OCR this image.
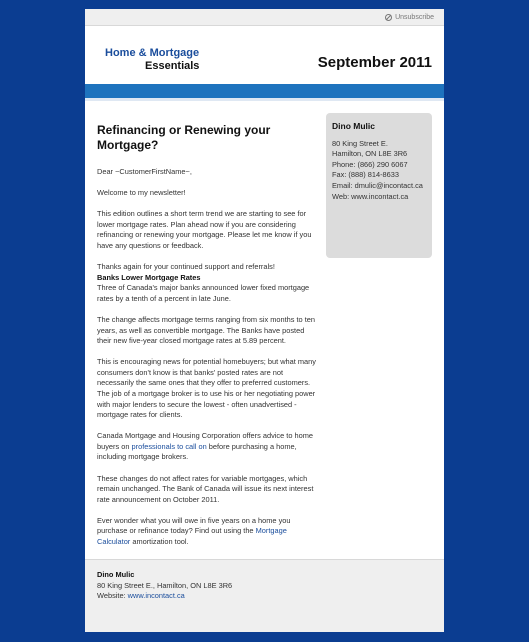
Unsubscribe
Home & Mortgage
Essentials	September 2011
Refinancing or Renewing your Mortgage?

Dear ~CustomerFirstName~,

Welcome to my newsletter!

This edition outlines a short term trend we are starting to see for lower mortgage rates. Plan ahead now if you are considering refinancing or renewing your mortgage. Please let me know if you have any questions or feedback.

Thanks again for your continued support and referrals!

Banks Lower Mortgage Rates

Three of Canada's major banks announced lower fixed mortgage rates by a tenth of a percent in late June.

The change affects mortgage terms ranging from six months to ten years, as well as convertible mortgage. The Banks have posted their new five-year closed mortgage rates at 5.89 percent.

This is encouraging news for potential homebuyers; but what many consumers don't know is that banks' posted rates are not necessarily the same ones that they offer to preferred customers. The job of a mortgage broker is to use his or her negotiating power with major lenders to secure the lowest - often unadvertised - mortgage rates for clients.

Canada Mortgage and Housing Corporation offers advice to home buyers on professionals to call on before purchasing a home, including mortgage brokers.

These changes do not affect rates for variable mortgages, which remain unchanged. The Bank of Canada will issue its next interest rate announcement on October 2011.

Ever wonder what you will owe in five years on a home you purchase or refinance today? Find out using the Mortgage Calculator amortization tool.

Dino Mulic
80 King Street E.
Hamilton, ON L8E 3R6
Phone: (866) 290 6067
Fax: (888) 814-8633
Email: dmulic@incontact.ca
Web: www.incontact.ca
Dino Mulic
80 King Street E., Hamilton, ON L8E 3R6
Website: www.incontact.ca
